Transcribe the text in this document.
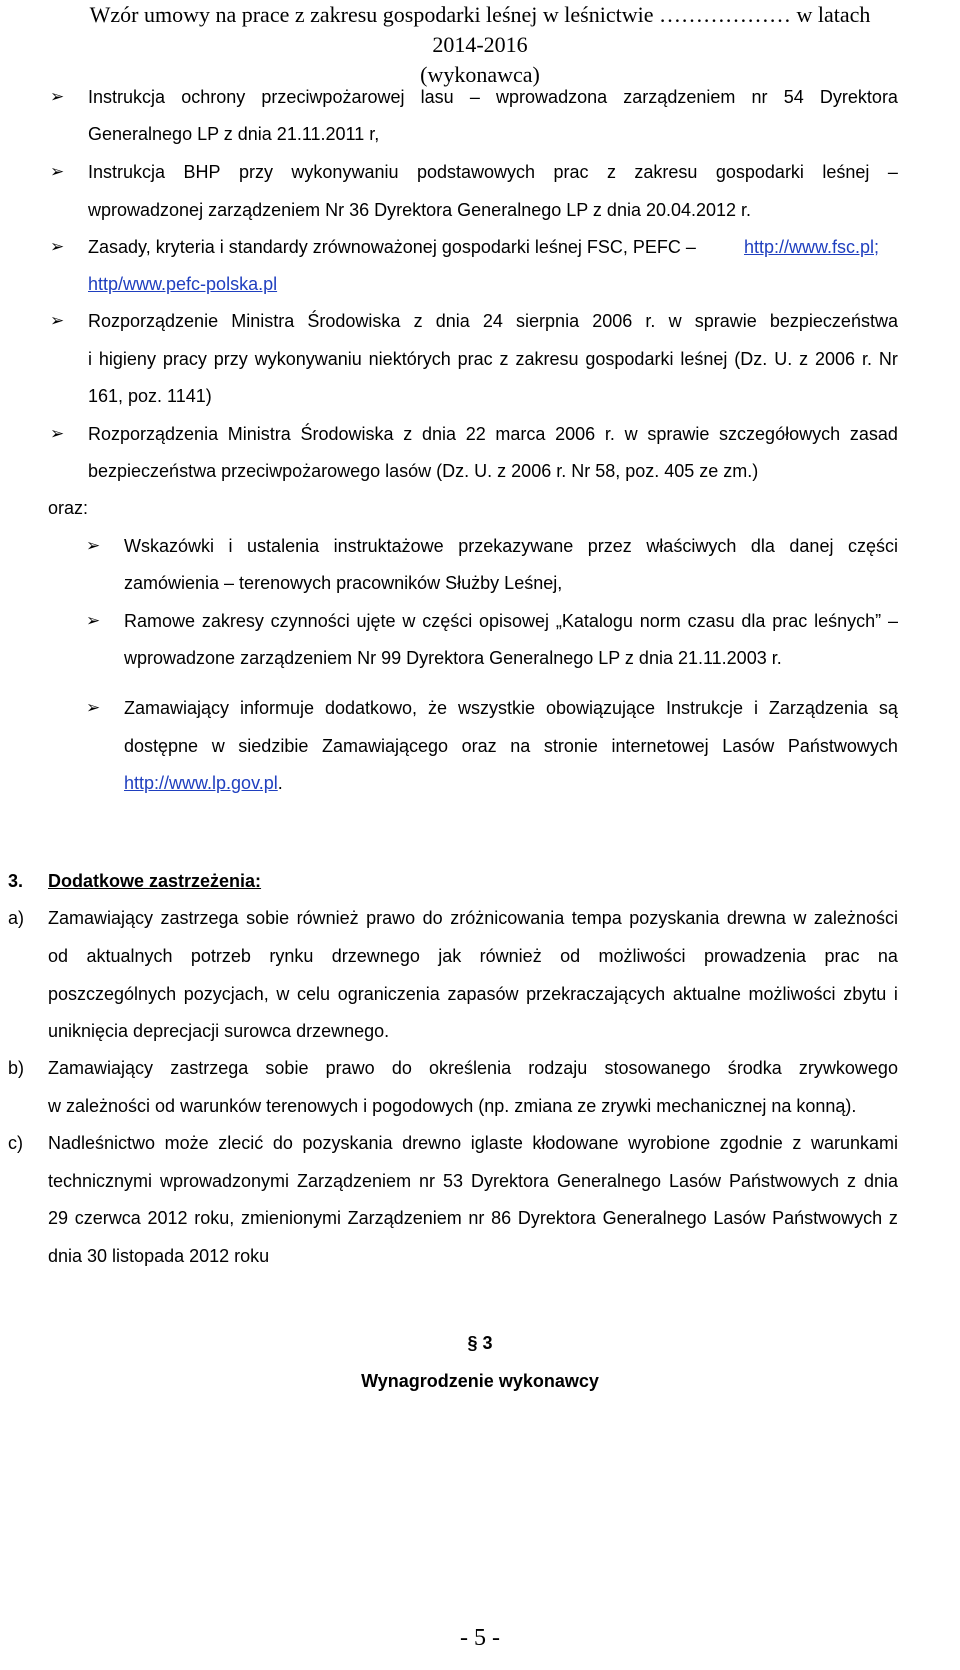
Wzór umowy na prace z zakresu gospodarki leśnej w leśnictwie ……………… w latach
2014-2016
(wykonawca)
➢ Instrukcja ochrony przeciwpożarowej lasu – wprowadzona zarządzeniem nr 54 Dyrektora
Generalnego LP z dnia 21.11.2011 r,
➢ Instrukcja BHP przy wykonywaniu podstawowych prac z zakresu gospodarki leśnej –
wprowadzonej zarządzeniem Nr 36 Dyrektora Generalnego LP z dnia 20.04.2012 r.
➢ Zasady, kryteria i standardy zrównoważonej gospodarki leśnej FSC, PEFC –	http://www.fsc.pl;
http/www.pefc-polska.pl
➢ Rozporządzenie Ministra Środowiska z dnia 24 sierpnia 2006 r. w sprawie bezpieczeństwa
i higieny pracy przy wykonywaniu niektórych prac z zakresu gospodarki leśnej (Dz. U. z 2006 r. Nr
161, poz. 1141)
➢ Rozporządzenia Ministra Środowiska z dnia 22 marca 2006 r. w sprawie szczegółowych zasad
bezpieczeństwa przeciwpożarowego lasów (Dz. U. z 2006 r. Nr 58, poz. 405 ze zm.)
oraz:
➢ Wskazówki i ustalenia instruktażowe przekazywane przez właściwych dla danej części
zamówienia – terenowych pracowników Służby Leśnej,
➢ Ramowe zakresy czynności ujęte w części opisowej „Katalogu norm czasu dla prac leśnych” –
wprowadzone zarządzeniem Nr 99 Dyrektora Generalnego LP z dnia 21.11.2003 r.
➢ Zamawiający informuje dodatkowo, że wszystkie obowiązujące Instrukcje i Zarządzenia są
dostępne w siedzibie Zamawiającego oraz na stronie internetowej Lasów Państwowych
http://www.lp.gov.pl.
3. Dodatkowe zastrzeżenia:
a) Zamawiający zastrzega sobie również prawo do zróżnicowania tempa pozyskania drewna w zależności
od aktualnych potrzeb rynku drzewnego jak również od możliwości prowadzenia prac na
poszczególnych pozycjach, w celu ograniczenia zapasów przekraczających aktualne możliwości zbytu i
uniknięcia deprecjacji surowca drzewnego.
b) Zamawiający zastrzega sobie prawo do określenia rodzaju stosowanego środka zrywkowego
w zależności od warunków terenowych i pogodowych (np. zmiana ze zrywki mechanicznej na konną).
c) Nadleśnictwo może zlecić do pozyskania drewno iglaste kłodowane wyrobione zgodnie z warunkami
technicznymi wprowadzonymi Zarządzeniem nr 53 Dyrektora Generalnego Lasów Państwowych z dnia
29 czerwca 2012 roku, zmienionymi Zarządzeniem nr 86 Dyrektora Generalnego Lasów Państwowych z
dnia 30 listopada 2012 roku
§ 3
Wynagrodzenie wykonawcy
- 5 -
